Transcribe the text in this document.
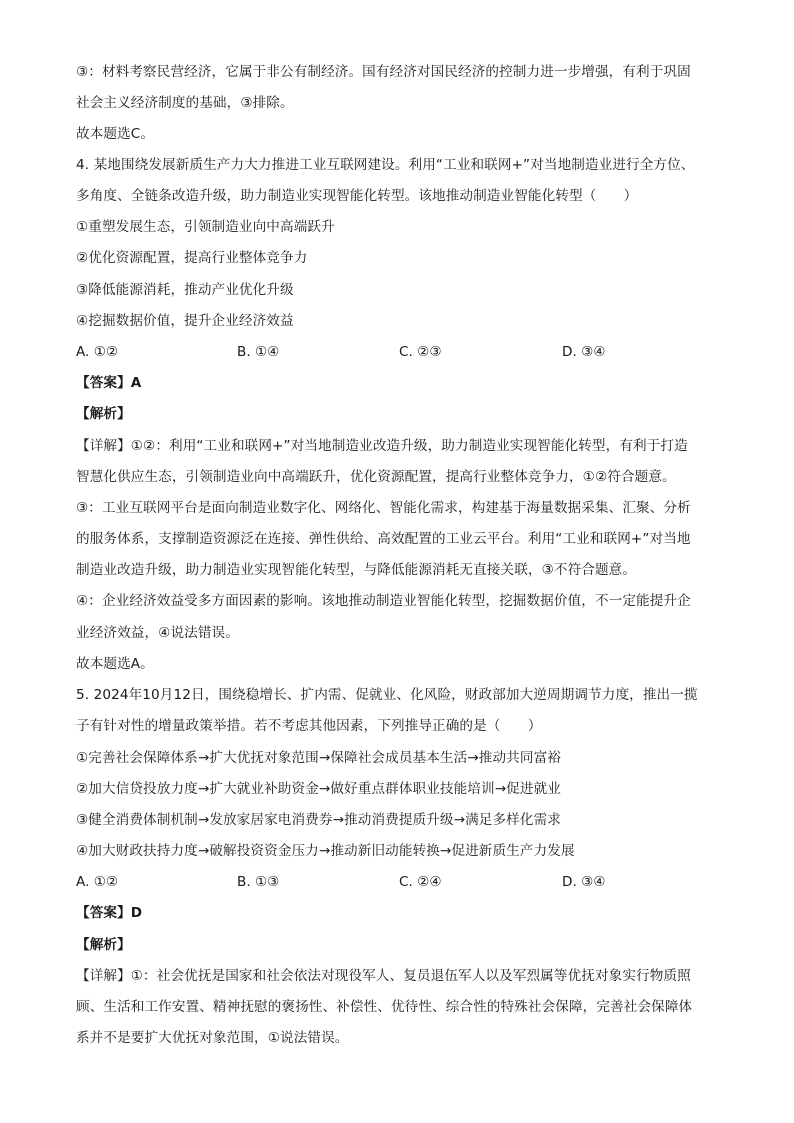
③：材料考察民营经济，它属于非公有制经济。国有经济对国民经济的控制力进一步增强，有利于巩固
社会主义经济制度的基础，③排除。
故本题选C。
4. 某地围绕发展新质生产力大力推进工业互联网建设。利用“工业和联网+”对当地制造业进行全方位、
多角度、全链条改造升级，助力制造业实现智能化转型。该地推动制造业智能化转型（　　）
①重塑发展生态，引领制造业向中高端跃升
②优化资源配置，提高行业整体竞争力
③降低能源消耗，推动产业优化升级
④挖掘数据价值，提升企业经济效益
A. ①②	B. ①④	C. ②③	D. ③④
【答案】A
【解析】
【详解】①②：利用“工业和联网+”对当地制造业改造升级，助力制造业实现智能化转型，有利于打造
智慧化供应生态，引领制造业向中高端跃升，优化资源配置，提高行业整体竞争力，①②符合题意。
③：工业互联网平台是面向制造业数字化、网络化、智能化需求，构建基于海量数据采集、汇聚、分析
的服务体系，支撑制造资源泛在连接、弹性供给、高效配置的工业云平台。利用“工业和联网+”对当地
制造业改造升级，助力制造业实现智能化转型，与降低能源消耗无直接关联，③不符合题意。
④：企业经济效益受多方面因素的影响。该地推动制造业智能化转型，挖掘数据价值，不一定能提升企
业经济效益，④说法错误。
故本题选A。
5. 2024年10月12日，围绕稳增长、扩内需、促就业、化风险，财政部加大逆周期调节力度，推出一揽
子有针对性的增量政策举措。若不考虑其他因素，下列推导正确的是（　　）
①完善社会保障体系→扩大优抚对象范围→保障社会成员基本生活→推动共同富裕
②加大信贷投放力度→扩大就业补助资金→做好重点群体职业技能培训→促进就业
③健全消费体制机制→发放家居家电消费券→推动消费提质升级→满足多样化需求
④加大财政扶持力度→破解投资资金压力→推动新旧动能转换→促进新质生产力发展
A. ①②	B. ①③	C. ②④	D. ③④
【答案】D
【解析】
【详解】①：社会优抚是国家和社会依法对现役军人、复员退伍军人以及军烈属等优抚对象实行物质照
顾、生活和工作安置、精神抚慰的褒扬性、补偿性、优待性、综合性的特殊社会保障，完善社会保障体
系并不是要扩大优抚对象范围，①说法错误。
